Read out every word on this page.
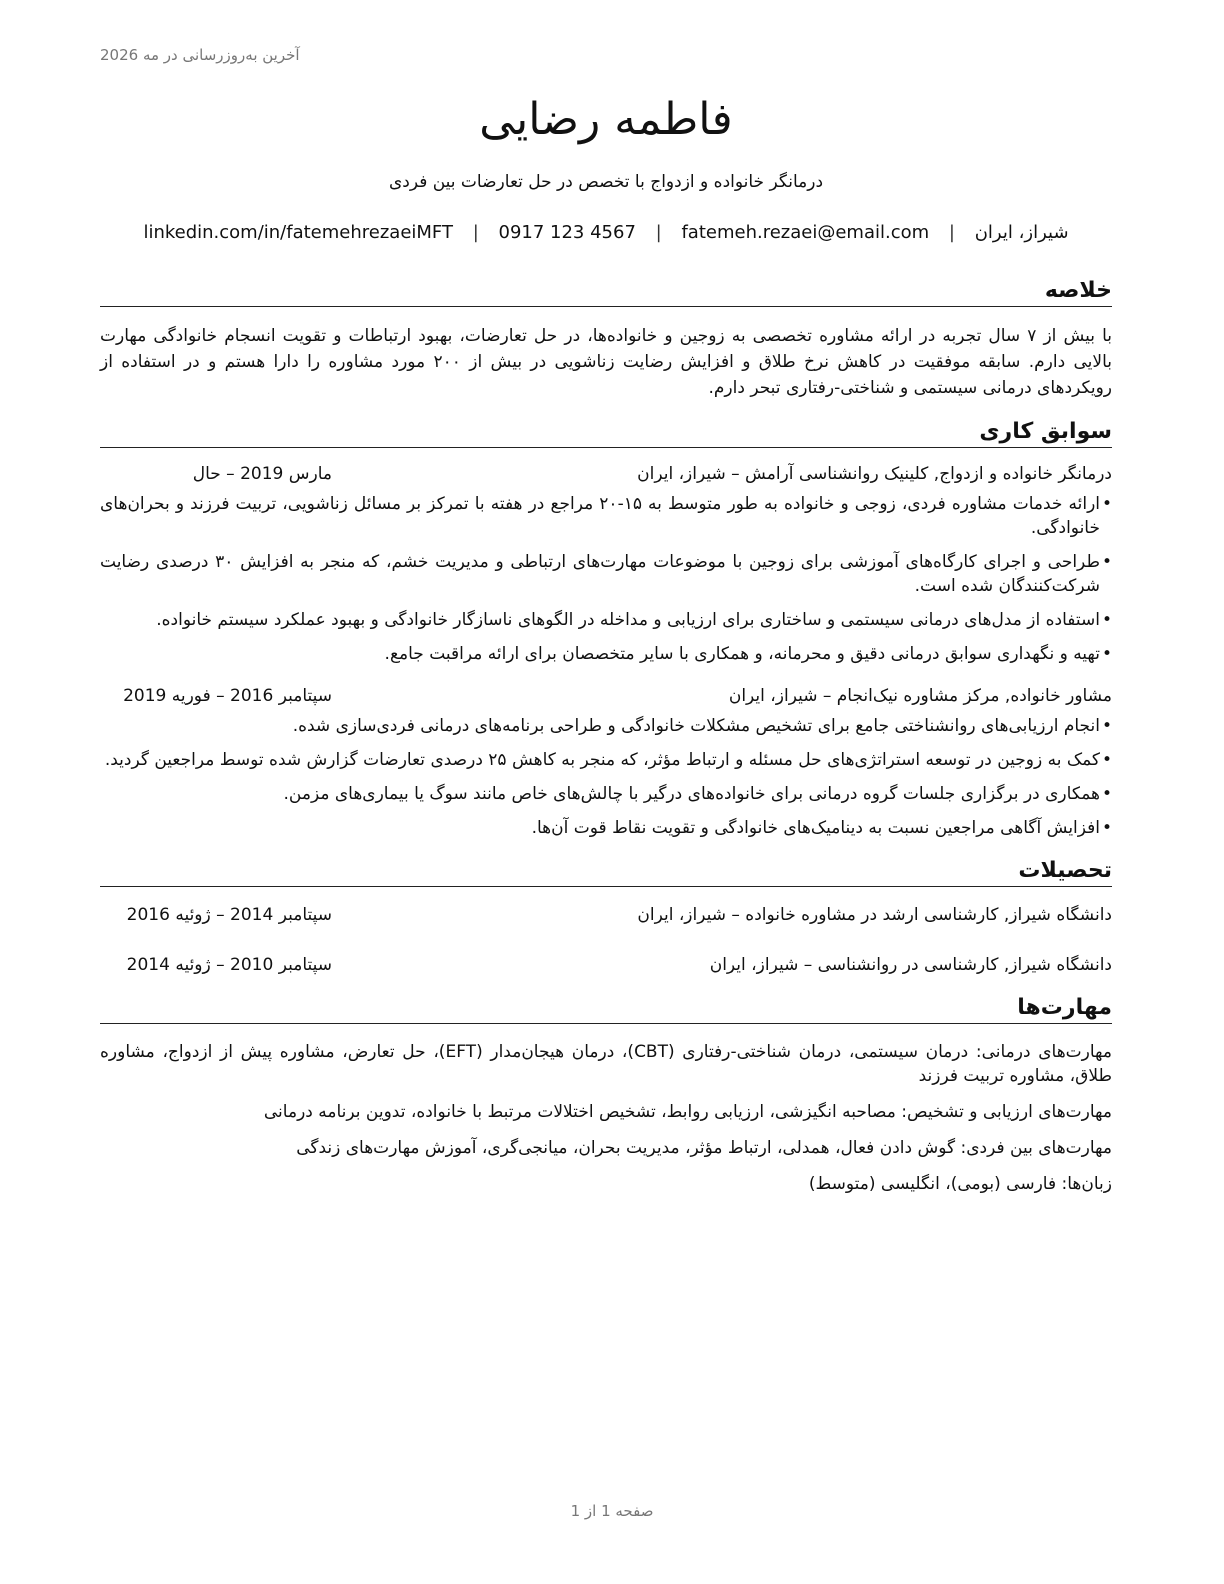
آخرین به‌روزرسانی در مه 2026
فاطمه رضایی
درمانگر خانواده و ازدواج با تخصص در حل تعارضات بین فردی
شیراز، ایران | fatemeh.rezaei@email.com | 0917 123 4567 | linkedin.com/in/fatemehrezaeiMFT
خلاصه

با بیش از ۷ سال تجربه در ارائه مشاوره تخصصی به زوجین و خانواده‌ها، در حل تعارضات، بهبود ارتباطات و تقویت انسجام خانوادگی مهارت بالایی دارم. سابقه موفقیت در کاهش نرخ طلاق و افزایش رضایت زناشویی در بیش از ۲۰۰ مورد مشاوره را دارا هستم و در استفاده از رویکردهای درمانی سیستمی و شناختی-رفتاری تبحر دارم.

سوابق کاری
درمانگر خانواده و ازدواج, کلینیک روانشناسی آرامش – شیراز، ایران
مارس 2019 – حال
• ارائه خدمات مشاوره فردی، زوجی و خانواده به طور متوسط به ۱۵-۲۰ مراجع در هفته با تمرکز بر مسائل زناشویی، تربیت فرزند و بحران‌های خانوادگی.
• طراحی و اجرای کارگاه‌های آموزشی برای زوجین با موضوعات مهارت‌های ارتباطی و مدیریت خشم، که منجر به افزایش ۳۰ درصدی رضایت شرکت‌کنندگان شده است.
• استفاده از مدل‌های درمانی سیستمی و ساختاری برای ارزیابی و مداخله در الگوهای ناسازگار خانوادگی و بهبود عملکرد سیستم خانواده.
• تهیه و نگهداری سوابق درمانی دقیق و محرمانه، و همکاری با سایر متخصصان برای ارائه مراقبت جامع.
مشاور خانواده, مرکز مشاوره نیک‌انجام – شیراز، ایران
سپتامبر 2016 – فوریه 2019
• انجام ارزیابی‌های روانشناختی جامع برای تشخیص مشکلات خانوادگی و طراحی برنامه‌های درمانی فردی‌سازی شده.
• کمک به زوجین در توسعه استراتژی‌های حل مسئله و ارتباط مؤثر، که منجر به کاهش ۲۵ درصدی تعارضات گزارش شده توسط مراجعین گردید.
• همکاری در برگزاری جلسات گروه درمانی برای خانواده‌های درگیر با چالش‌های خاص مانند سوگ یا بیماری‌های مزمن.
• افزایش آگاهی مراجعین نسبت به دینامیک‌های خانوادگی و تقویت نقاط قوت آن‌ها.
تحصیلات
دانشگاه شیراز, کارشناسی ارشد در مشاوره خانواده – شیراز، ایران
سپتامبر 2014 – ژوئیه 2016
دانشگاه شیراز, کارشناسی در روانشناسی – شیراز، ایران
سپتامبر 2010 – ژوئیه 2014
مهارت‌ها

مهارت‌های درمانی: درمان سیستمی، درمان شناختی-رفتاری (CBT)، درمان هیجان‌مدار (EFT)، حل تعارض، مشاوره پیش از ازدواج، مشاوره طلاق، مشاوره تربیت فرزند

مهارت‌های ارزیابی و تشخیص: مصاحبه انگیزشی، ارزیابی روابط، تشخیص اختلالات مرتبط با خانواده، تدوین برنامه درمانی

مهارت‌های بین فردی: گوش دادن فعال، همدلی، ارتباط مؤثر، مدیریت بحران، میانجی‌گری، آموزش مهارت‌های زندگی

زبان‌ها: فارسی (بومی)، انگلیسی (متوسط)

صفحه 1 از 1
